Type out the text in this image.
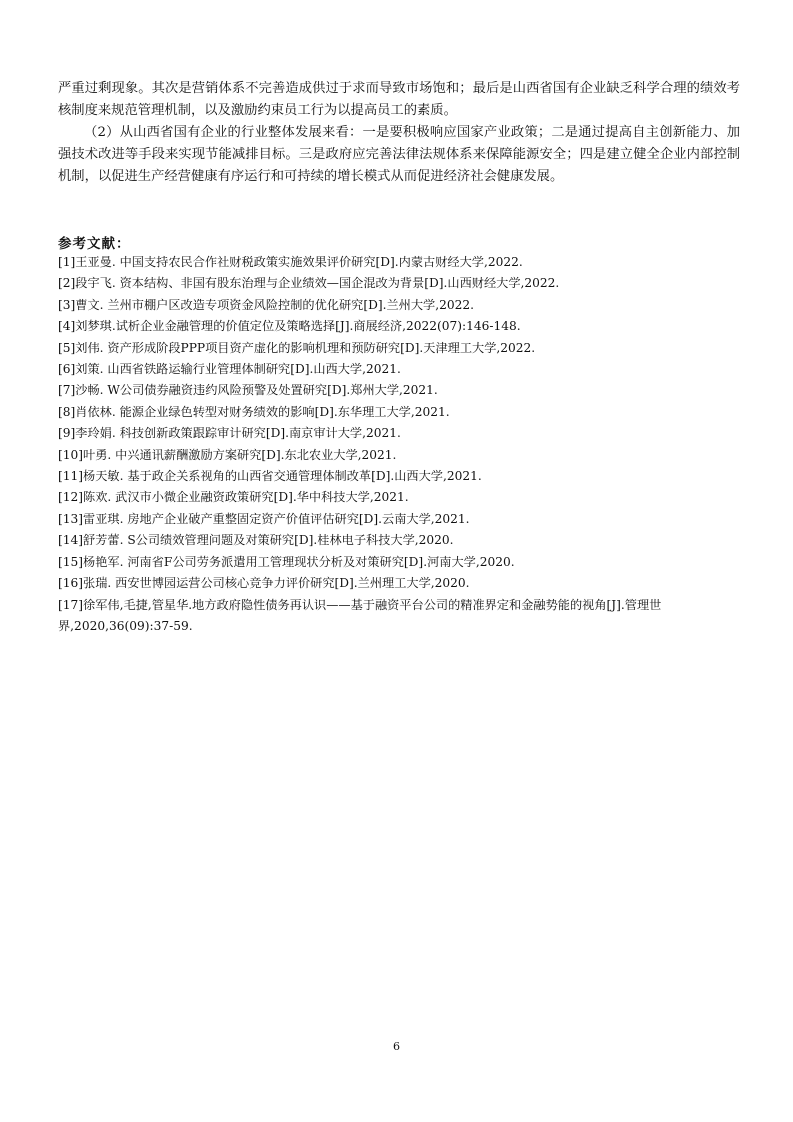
严重过剩现象。其次是营销体系不完善造成供过于求而导致市场饱和；最后是山西省国有企业缺乏科学合理的绩效考核制度来规范管理机制，以及激励约束员工行为以提高员工的素质。

（2）从山西省国有企业的行业整体发展来看：一是要积极响应国家产业政策；二是通过提高自主创新能力、加强技术改进等手段来实现节能减排目标。三是政府应完善法律法规体系来保障能源安全；四是建立健全企业内部控制机制，以促进生产经营健康有序运行和可持续的增长模式从而促进经济社会健康发展。

参考文献：
[1]王亚曼. 中国支持农民合作社财税政策实施效果评价研究[D].内蒙古财经大学,2022.
[2]段宇飞. 资本结构、非国有股东治理与企业绩效—国企混改为背景[D].山西财经大学,2022.
[3]曹文. 兰州市棚户区改造专项资金风险控制的优化研究[D].兰州大学,2022.
[4]刘梦琪.试析企业金融管理的价值定位及策略选择[J].商展经济,2022(07):146-148.
[5]刘伟. 资产形成阶段PPP项目资产虚化的影响机理和预防研究[D].天津理工大学,2022.
[6]刘策. 山西省铁路运输行业管理体制研究[D].山西大学,2021.
[7]沙畅. W公司债券融资违约风险预警及处置研究[D].郑州大学,2021.
[8]肖依林. 能源企业绿色转型对财务绩效的影响[D].东华理工大学,2021.
[9]李玲娟. 科技创新政策跟踪审计研究[D].南京审计大学,2021.
[10]叶勇. 中兴通讯薪酬激励方案研究[D].东北农业大学,2021.
[11]杨天敏. 基于政企关系视角的山西省交通管理体制改革[D].山西大学,2021.
[12]陈欢. 武汉市小微企业融资政策研究[D].华中科技大学,2021.
[13]雷亚琪. 房地产企业破产重整固定资产价值评估研究[D].云南大学,2021.
[14]舒芳蕾. S公司绩效管理问题及对策研究[D].桂林电子科技大学,2020.
[15]杨艳军. 河南省F公司劳务派遣用工管理现状分析及对策研究[D].河南大学,2020.
[16]张瑞. 西安世博园运营公司核心竞争力评价研究[D].兰州理工大学,2020.
[17]徐军伟,毛捷,管星华.地方政府隐性债务再认识——基于融资平台公司的精准界定和金融势能的视角[J].管理世界,2020,36(09):37-59.
6
